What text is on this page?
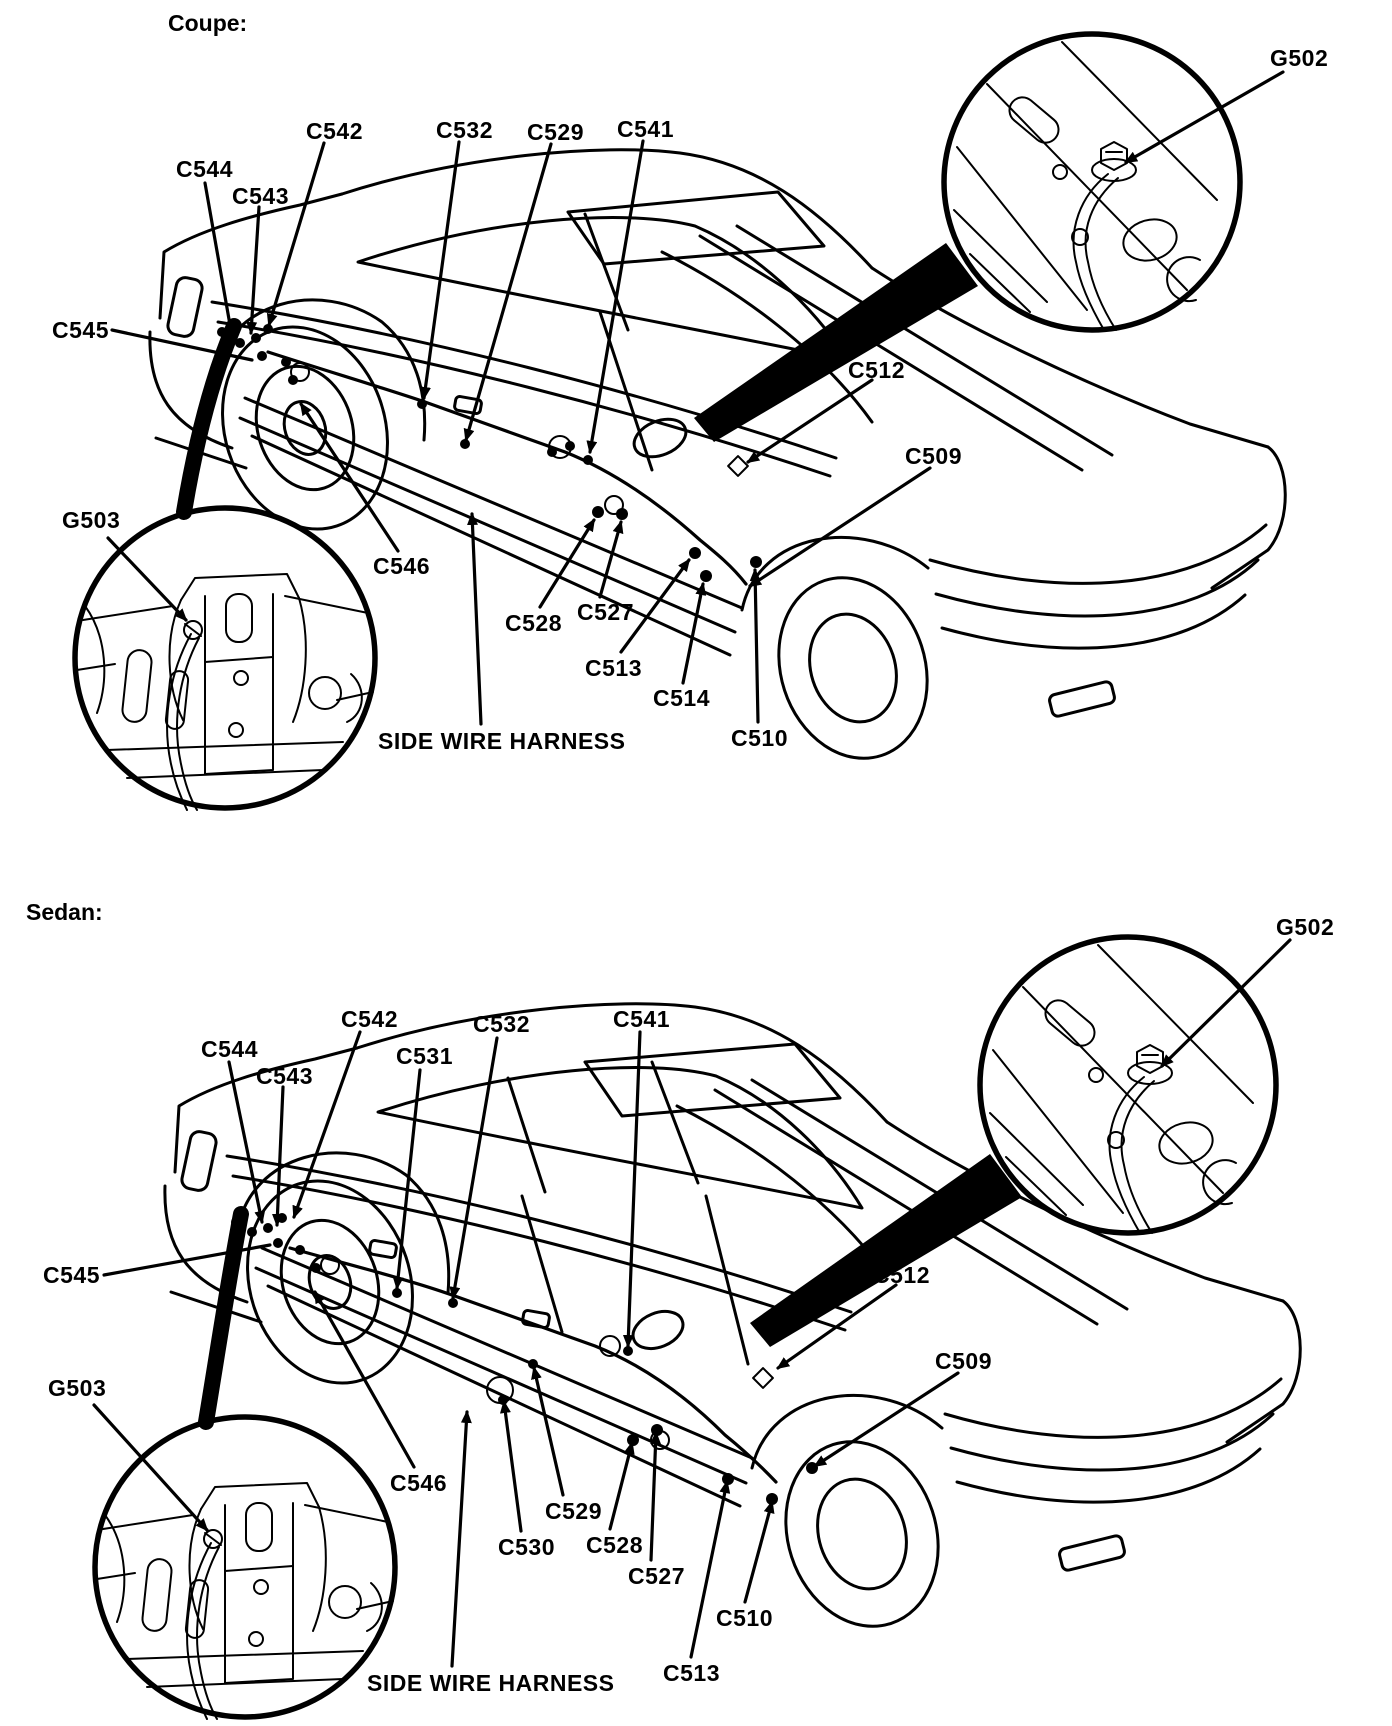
Coupe:
C544
C543
C542	C532 C529 C541
C545
G503
C546
C528 C527
C513
C514
C510
C512
C509
G502
SIDE WIRE HARNESS
Sedan:
C544
C543
C542
C531
C532	C541
C545
G503
C546
C530
C529
C528
C527
C510
C513
C512
C509
G502
SIDE WIRE HARNESS
